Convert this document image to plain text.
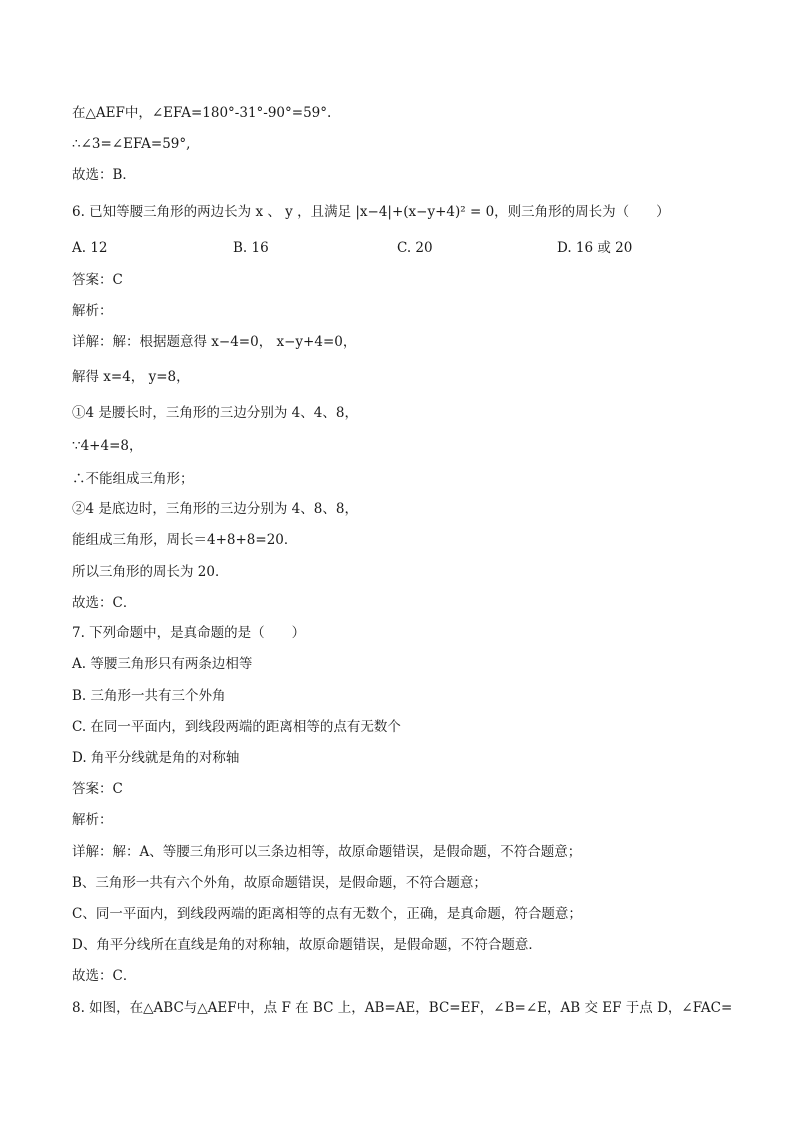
在△AEF中，∠EFA=180°-31°-90°=59°.
∴∠3=∠EFA=59°,
故选：B．
6. 已知等腰三角形的两边长为 x 、 y ，且满足 |x−4|+(x−y+4)² = 0，则三角形的周长为（　　）
A. 12	B. 16	C. 20	D. 16 或 20
答案：C
解析：
详解：解：根据题意得 x−4=0， x−y+4=0，
解得 x=4， y=8，
①4 是腰长时，三角形的三边分别为 4、4、8，
∵4+4=8，
∴不能组成三角形；
②4 是底边时，三角形的三边分别为 4、8、8，
能组成三角形，周长＝4+8+8=20．
所以三角形的周长为 20．
故选：C．
7. 下列命题中，是真命题的是（　　）
A. 等腰三角形只有两条边相等
B. 三角形一共有三个外角
C. 在同一平面内，到线段两端的距离相等的点有无数个
D. 角平分线就是角的对称轴
答案：C
解析：
详解：解：A、等腰三角形可以三条边相等，故原命题错误，是假命题，不符合题意；
B、三角形一共有六个外角，故原命题错误，是假命题，不符合题意；
C、同一平面内，到线段两端的距离相等的点有无数个，正确，是真命题，符合题意；
D、角平分线所在直线是角的对称轴，故原命题错误，是假命题，不符合题意．
故选：C．
8. 如图，在△ABC与△AEF中，点 F 在 BC 上，AB=AE，BC=EF，∠B=∠E，AB 交 EF 于点 D，∠FAC=
